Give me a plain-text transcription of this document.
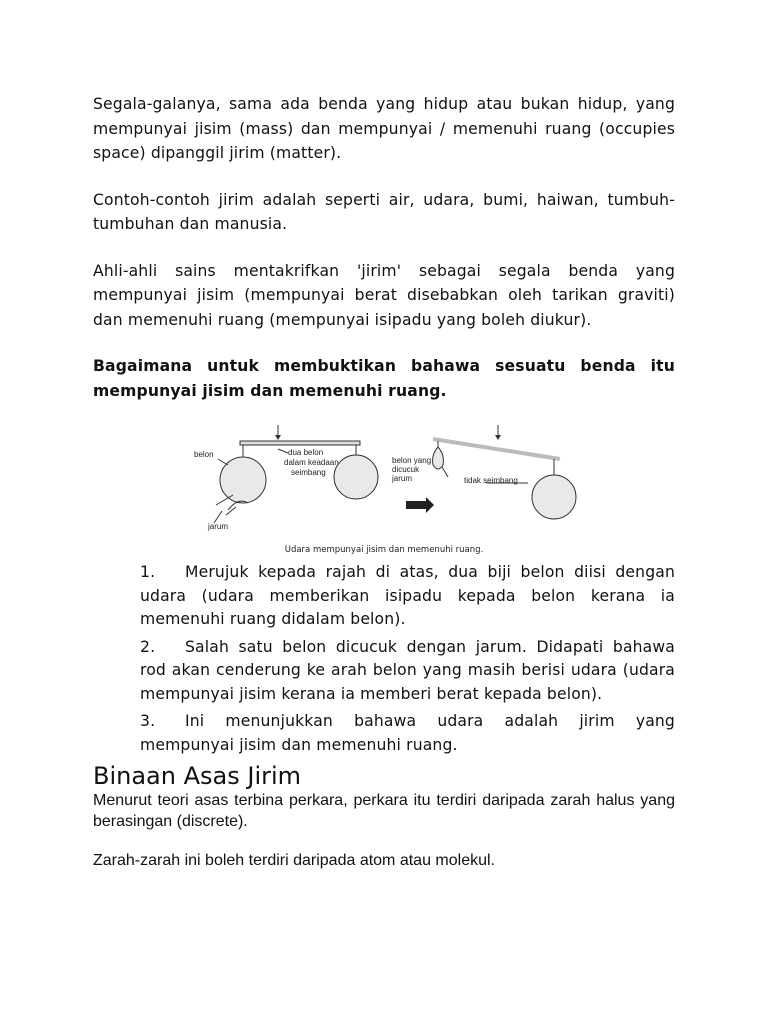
Segala-galanya, sama ada benda yang hidup atau bukan hidup, yang mempunyai jisim (mass) dan mempunyai / memenuhi ruang (occupies space) dipanggil jirim (matter).

Contoh-contoh jirim adalah seperti air, udara, bumi, haiwan, tumbuh-tumbuhan dan manusia.

Ahli-ahli sains mentakrifkan 'jirim' sebagai segala benda yang mempunyai jisim (mempunyai berat disebabkan oleh tarikan graviti) dan memenuhi ruang (mempunyai isipadu yang boleh diukur).

Bagaimana untuk membuktikan bahawa sesuatu benda itu mempunyai jisim dan memenuhi ruang.

belon	dua belon
dalam keadaan
seimbang
jarum
belon yang
dicucuk
jarum	tidak seimbang
Udara mempunyai jisim dan memenuhi ruang.

1. Merujuk kepada rajah di atas, dua biji belon diisi dengan udara (udara memberikan isipadu kepada belon kerana ia memenuhi ruang didalam belon).

2. Salah satu belon dicucuk dengan jarum. Didapati bahawa rod akan cenderung ke arah belon yang masih berisi udara (udara mempunyai jisim kerana ia memberi berat kepada belon).

3. Ini menunjukkan bahawa udara adalah jirim yang mempunyai jisim dan memenuhi ruang.

Binaan Asas Jirim

Menurut teori asas terbina perkara, perkara itu terdiri daripada zarah halus yang berasingan (discrete).

Zarah-zarah ini boleh terdiri daripada atom atau molekul.
